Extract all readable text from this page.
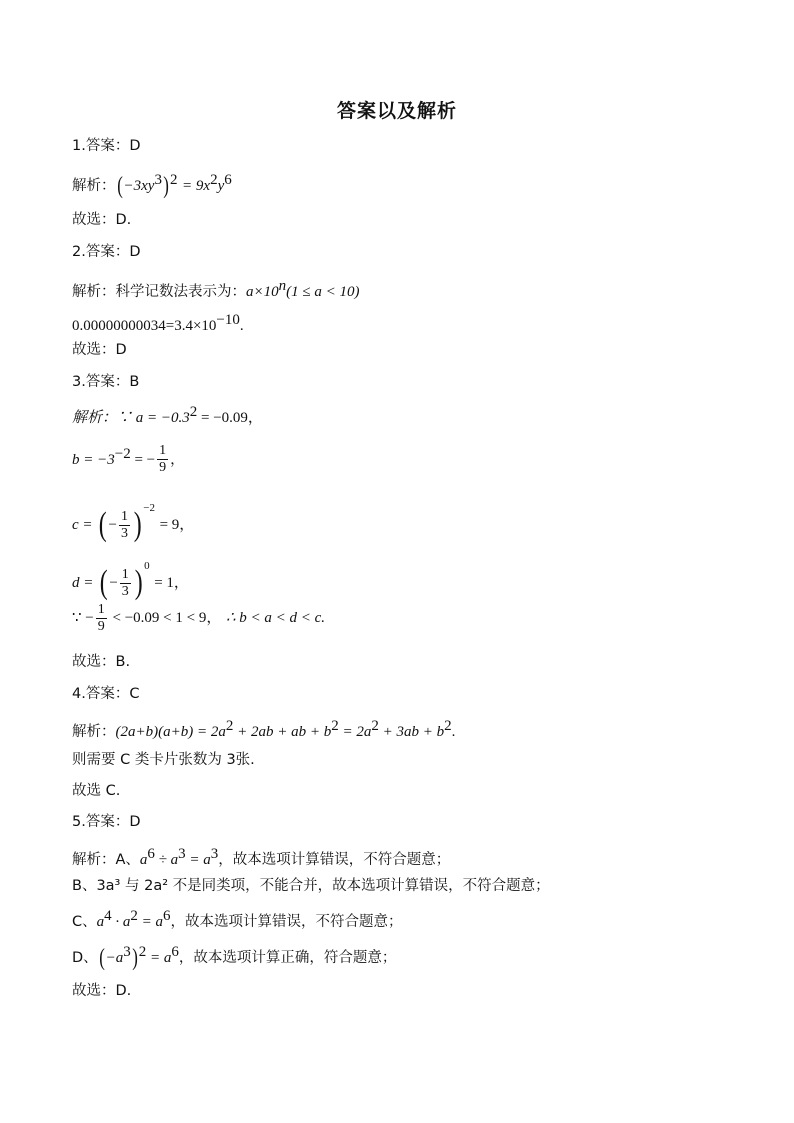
答案以及解析
1.答案：D
解析：$(-3xy^3)^2 = 9x^2y^6$
故选：D.
2.答案：D
解析：科学记数法表示为：$a\times 10^n(1 \le a < 10)$
$0.00000000034=3.4\times 10^{-10}$.
故选：D
3.答案：B
解析：∵ $a = -0.3^2 = -0.09$，
$b = -3^{-2}$ = − $\frac{1}{9}$ ，
c = ( − $\frac{1}{3}$ ) $^{-2}$ = 9，
d = ( − $\frac{1}{3}$ ) $^0$ = 1，
∵ − $\frac{1}{9} < -0.09 < 1 < 9$， ∴ b < a < d < c.
故选：B.
4.答案：C
解析：$(2a+b)(a+b) = 2a^2 + 2ab$ + ab + $b^2 = 2a^2 + 3ab + b^2$.
则需要 C 类卡片张数为 3张.
故选 C.
5.答案：D
解析：A、$a^6 \div a^3 = a^3$，故本选项计算错误，不符合题意；
B、3a³ 与 2a² 不是同类项，不能合并，故本选项计算错误，不符合题意；
C、$a^4 \cdot a^2 = a^6$，故本选项计算错误，不符合题意；
D、$(-a^3)^2 = a^6$，故本选项计算正确，符合题意；
故选：D.
